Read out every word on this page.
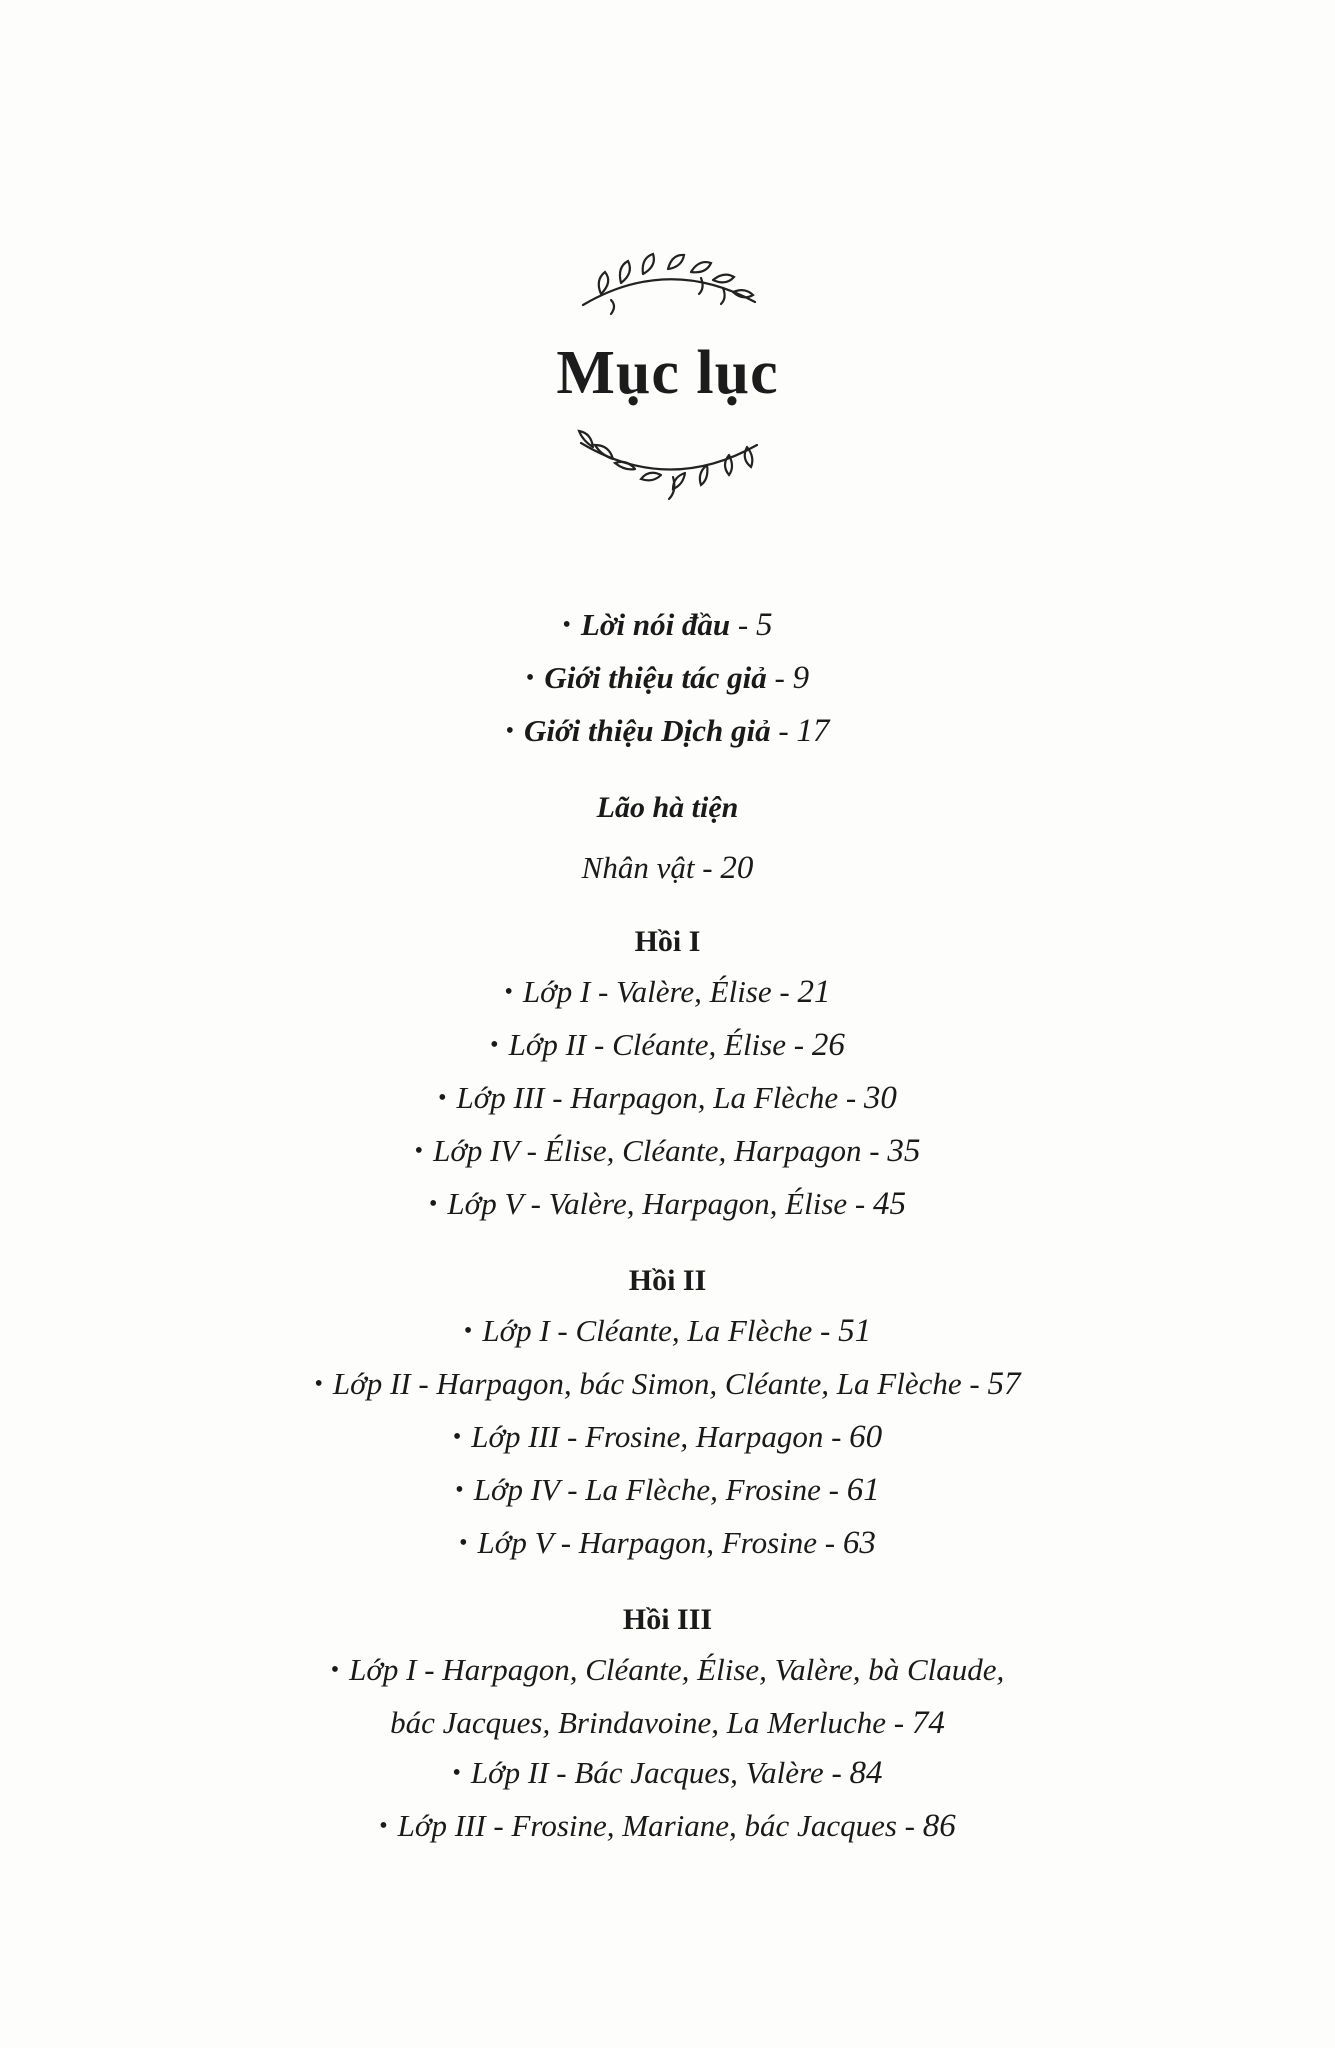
Mục lục
• Lời nói đầu - 5
• Giới thiệu tác giả - 9
• Giới thiệu Dịch giả - 17
Lão hà tiện
Nhân vật - 20
Hồi I
• Lớp I - Valère, Élise - 21
• Lớp II - Cléante, Élise - 26
• Lớp III - Harpagon, La Flèche - 30
• Lớp IV - Élise, Cléante, Harpagon - 35
• Lớp V - Valère, Harpagon, Élise - 45
Hồi II
• Lớp I - Cléante, La Flèche - 51
• Lớp II - Harpagon, bác Simon, Cléante, La Flèche - 57
• Lớp III - Frosine, Harpagon - 60
• Lớp IV - La Flèche, Frosine - 61
• Lớp V - Harpagon, Frosine - 63
Hồi III
• Lớp I - Harpagon, Cléante, Élise, Valère, bà Claude,
bác Jacques, Brindavoine, La Merluche - 74
• Lớp II - Bác Jacques, Valère - 84
• Lớp III - Frosine, Mariane, bác Jacques - 86
